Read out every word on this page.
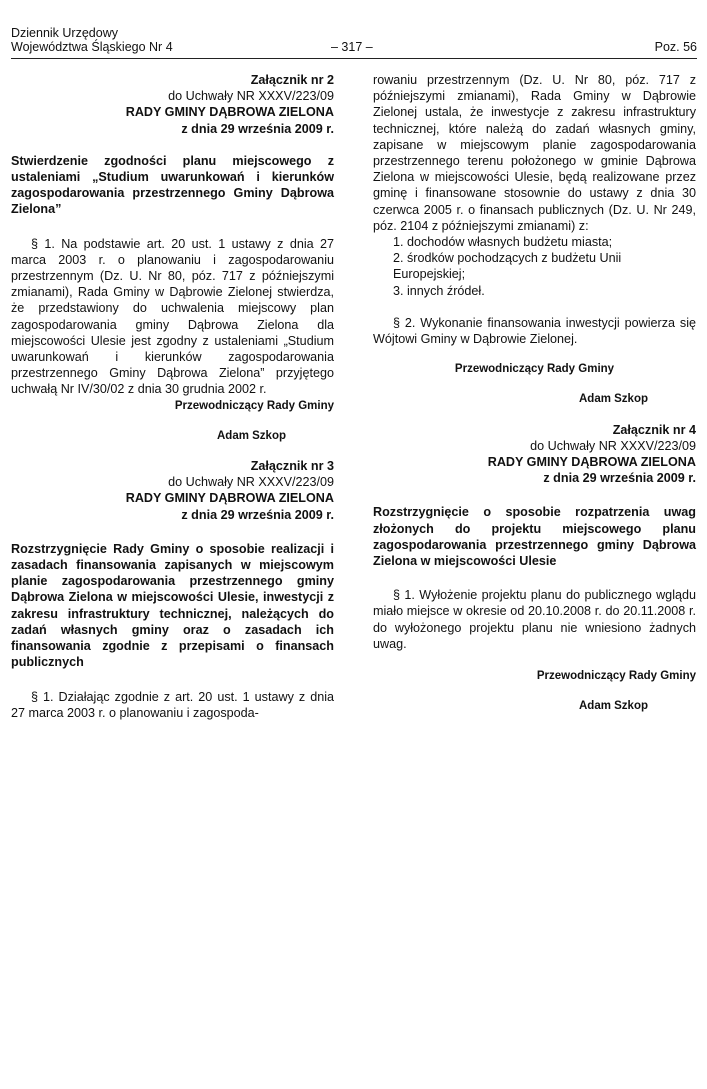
Dziennik Urzędowy
Województwa Śląskiego Nr 4	– 317 –	Poz. 56

Załącznik nr 2

do Uchwały NR XXXV/223/09

RADY GMINY DĄBROWA ZIELONA

z dnia 29 września 2009 r.

Stwierdzenie zgodności planu miejscowego z ustaleniami „Studium uwarunkowań i kierunków zagospodarowania przestrzennego Gminy Dąbrowa Zielona”

§ 1. Na podstawie art. 20 ust. 1 ustawy z dnia 27 marca 2003 r. o planowaniu i zagospodarowaniu przestrzennym (Dz. U. Nr 80, póz. 717 z późniejszymi zmianami), Rada Gminy w Dąbrowie Zielonej stwierdza, że przedstawiony do uchwalenia miejscowy plan zagospodarowania gminy Dąbrowa Zielona dla miejscowości Ulesie jest zgodny z ustaleniami „Studium uwarunkowań i kierunków zagospodarowania przestrzennego Gminy Dąbrowa Zielona” przyjętego uchwałą Nr IV/30/02 z dnia 30 grudnia 2002 r.

Przewodniczący Rady Gminy

Adam Szkop

Załącznik nr 3

do Uchwały NR XXXV/223/09

RADY GMINY DĄBROWA ZIELONA

z dnia 29 września 2009 r.

Rozstrzygnięcie Rady Gminy o sposobie realizacji i zasadach finansowania zapisanych w miejscowym planie zagospodarowania przestrzennego gminy Dąbrowa Zielona w miejscowości Ulesie, inwestycji z zakresu infrastruktury technicznej, należących do zadań własnych gminy oraz o zasadach ich finansowania zgodnie z przepisami o finansach publicznych

§ 1. Działając zgodnie z art. 20 ust. 1 ustawy z dnia 27 marca 2003 r. o planowaniu i zagospoda-

rowaniu przestrzennym (Dz. U. Nr 80, póz. 717 z późniejszymi zmianami), Rada Gminy w Dąbrowie Zielonej ustala, że inwestycje z zakresu infrastruktury technicznej, które należą do zadań własnych gminy, zapisane w miejscowym planie zagospodarowania przestrzennego terenu położonego w gminie Dąbrowa Zielona w miejscowości Ulesie, będą realizowane przez gminę i finansowane stosownie do ustawy z dnia 30 czerwca 2005 r. o finansach publicznych (Dz. U. Nr 249, póz. 2104 z późniejszymi zmianami) z:

1. dochodów własnych budżetu miasta;

2. środków pochodzących z budżetu Unii Europejskiej;

3. innych źródeł.

§ 2. Wykonanie finansowania inwestycji powierza się Wójtowi Gminy w Dąbrowie Zielonej.

Przewodniczący Rady Gminy

Adam Szkop

Załącznik nr 4

do Uchwały NR XXXV/223/09

RADY GMINY DĄBROWA ZIELONA

z dnia 29 września 2009 r.

Rozstrzygnięcie o sposobie rozpatrzenia uwag złożonych do projektu miejscowego planu zagospodarowania przestrzennego gminy Dąbrowa Zielona w miejscowości Ulesie

§ 1. Wyłożenie projektu planu do publicznego wglądu miało miejsce w okresie od 20.10.2008 r. do 20.11.2008 r. do wyłożonego projektu planu nie wniesiono żadnych uwag.

Przewodniczący Rady Gminy

Adam Szkop
